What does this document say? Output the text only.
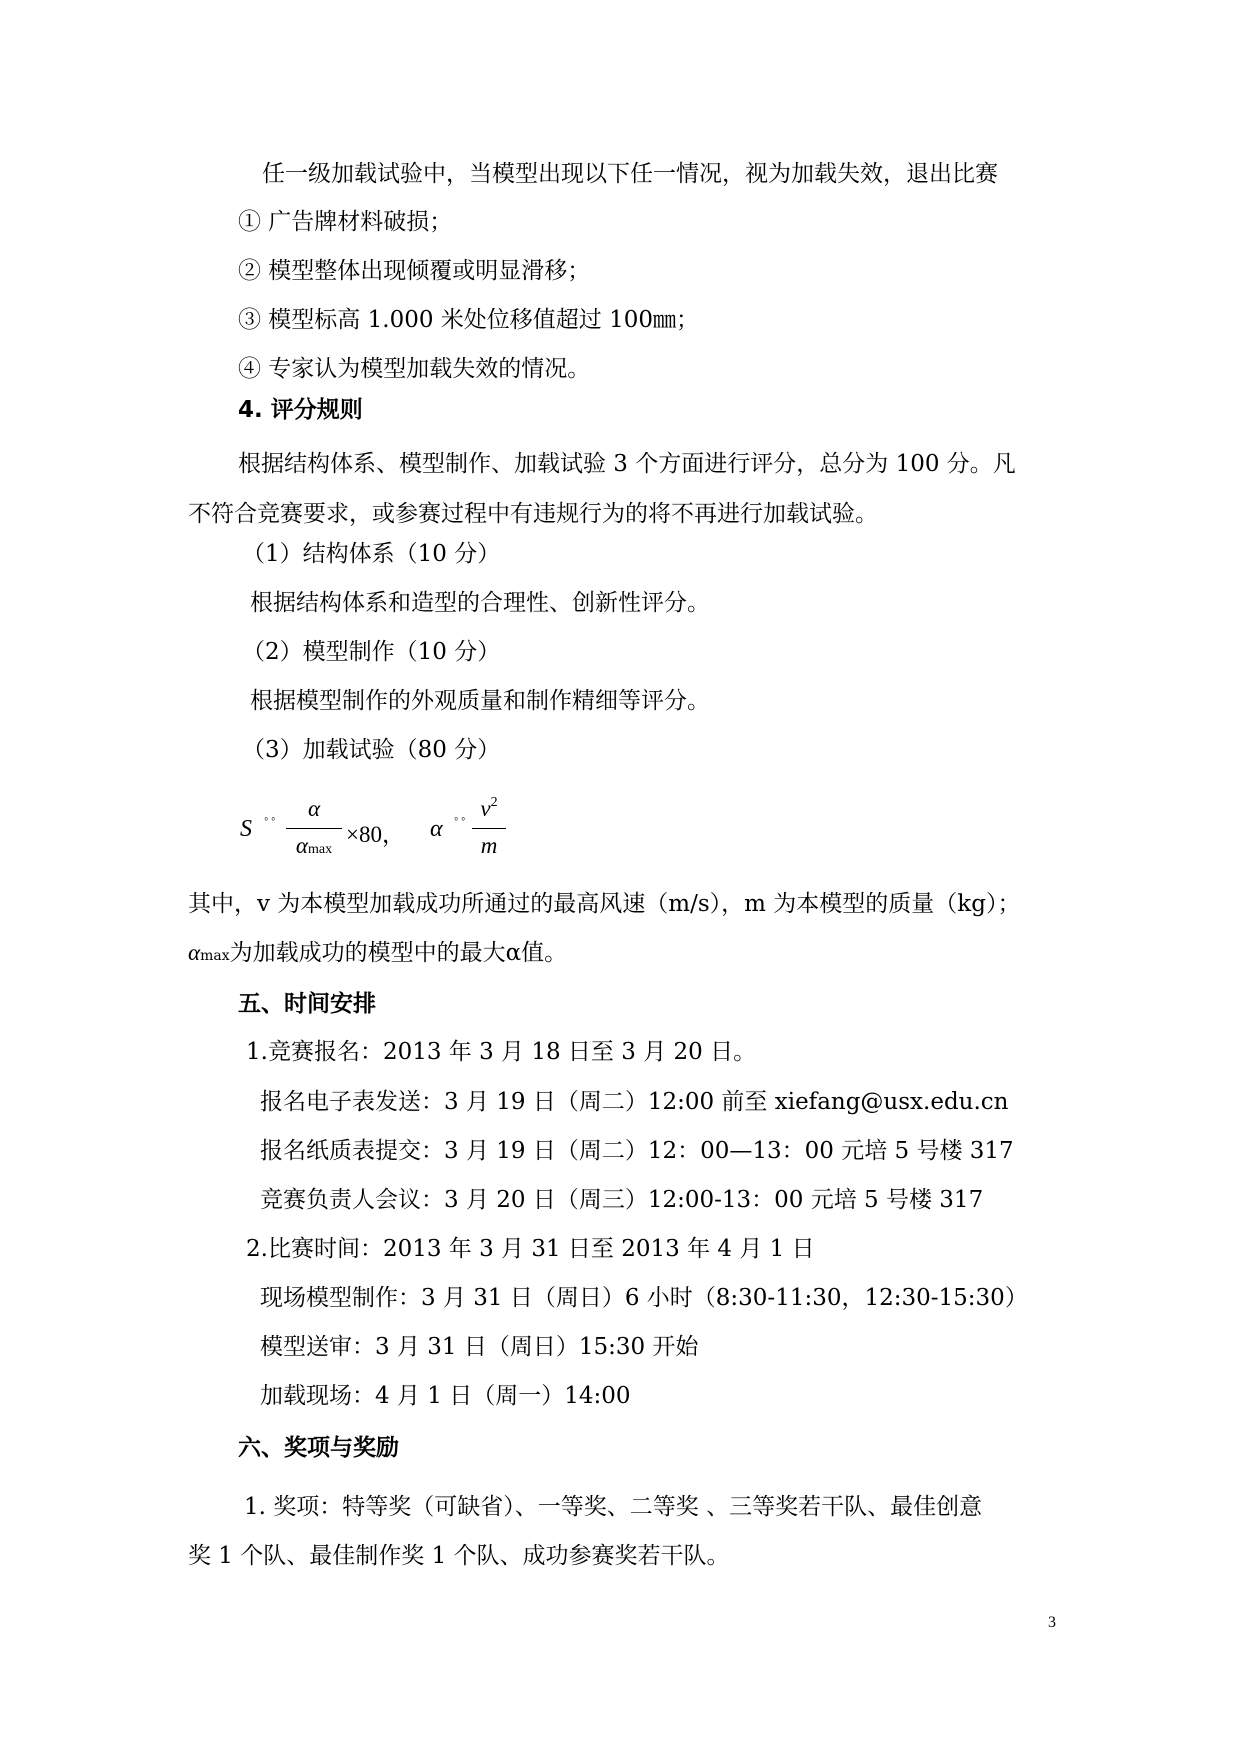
任一级加载试验中，当模型出现以下任一情况，视为加载失效，退出比赛
① 广告牌材料破损；
② 模型整体出现倾覆或明显滑移；
③ 模型标高 1.000 米处位移值超过 100㎜；
④ 专家认为模型加载失效的情况。
4. 评分规则
根据结构体系、模型制作、加载试验 3 个方面进行评分，总分为 100 分。凡
不符合竞赛要求，或参赛过程中有违规行为的将不再进行加载试验。
（1）结构体系（10 分）
根据结构体系和造型的合理性、创新性评分。
（2）模型制作（10 分）
根据模型制作的外观质量和制作精细等评分。
（3）加载试验（80 分）
S ﾟﾟ
α
αmax
×80， α ﾟﾟ
$v^2$
m
其中，v 为本模型加载成功所通过的最高风速（m/s），m 为本模型的质量（kg）；
αmax为加载成功的模型中的最大α值。
五、时间安排
1.竞赛报名：2013 年 3 月 18 日至 3 月 20 日。
报名电子表发送：3 月 19 日（周二）12:00 前至 xiefang@usx.edu.cn
报名纸质表提交：3 月 19 日（周二）12：00—13：00 元培 5 号楼 317
竞赛负责人会议：3 月 20 日（周三）12:00-13：00 元培 5 号楼 317
2.比赛时间：2013 年 3 月 31 日至 2013 年 4 月 1 日
现场模型制作：3 月 31 日（周日）6 小时（8:30-11:30，12:30-15:30）
模型送审：3 月 31 日（周日）15:30 开始
加载现场：4 月 1 日（周一）14:00
六、奖项与奖励
1. 奖项：特等奖（可缺省）、一等奖、二等奖 、三等奖若干队、最佳创意
奖 1 个队、最佳制作奖 1 个队、成功参赛奖若干队。
3
